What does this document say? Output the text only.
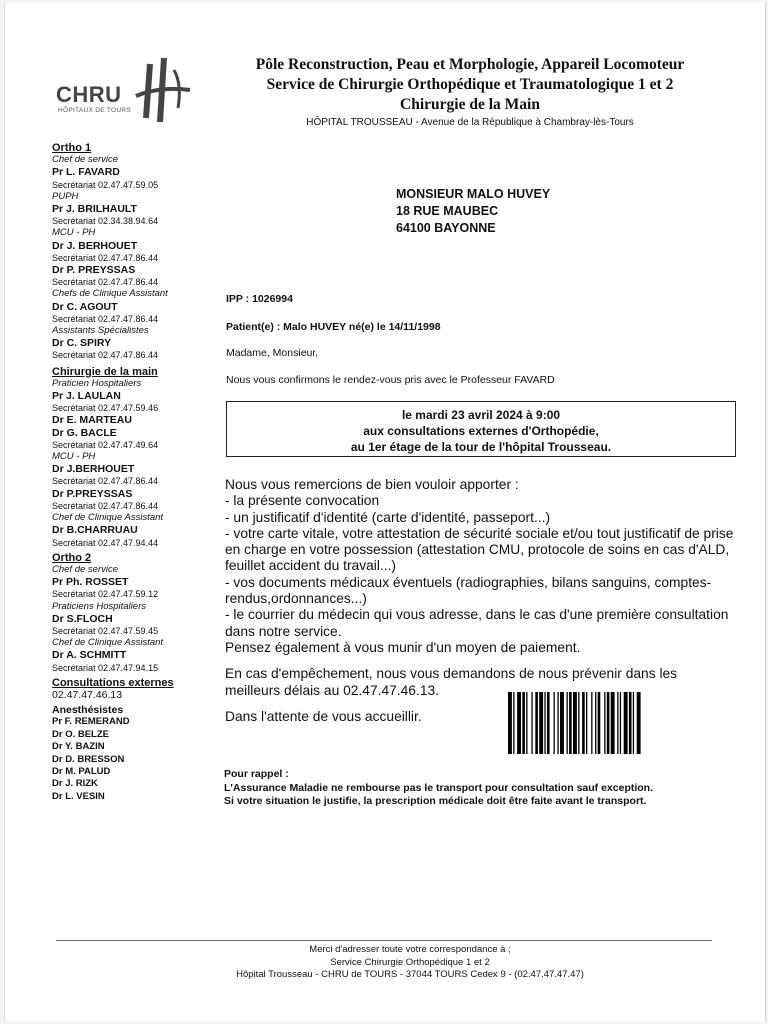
CHRU
HÔPITAUX DE TOURS
Pôle Reconstruction, Peau et Morphologie, Appareil Locomoteur
Service de Chirurgie Orthopédique et Traumatologique 1 et 2
Chirurgie de la Main
HÔPITAL TROUSSEAU - Avenue de la République à Chambray-lès-Tours
Ortho 1
Chef de service
Pr L. FAVARD
Secrétariat 02.47.47.59.05
PUPH
Pr J. BRILHAULT
Secrétariat 02.34.38.94.64
MCU - PH
Dr J. BERHOUET
Secrétariat 02.47.47.86.44
Dr P. PREYSSAS
Secrétariat 02.47.47.86.44
Chefs de Clinique Assistant
Dr C. AGOUT
Secrétariat 02.47.47.86.44
Assistants Spécialistes
Dr C. SPIRY
Secrétariat 02.47.47.86.44
Chirurgie de la main
Praticien Hospitaliers
Pr J. LAULAN
Secrétariat 02.47.47.59.46
Dr E. MARTEAU
Dr G. BACLE
Secrétariat 02.47.47.49.64
MCU - PH
Dr J.BERHOUET
Secrétariat 02.47.47.86.44
Dr P.PREYSSAS
Secrétariat 02.47.47.86.44
Chef de Clinique Assistant
Dr B.CHARRUAU
Secrétariat 02.47.47.94.44
Ortho 2
Chef de service
Pr Ph. ROSSET
Secrétariat 02.47.47.59.12
Praticiens Hospitaliers
Dr S.FLOCH
Secrétariat 02.47.47.59.45
Chef de Clinique Assistant
Dr A. SCHMITT
Secrétariat 02.47.47.94.15
Consultations externes
02.47.47.46.13
Anesthésistes
Pr F. REMERAND
Dr O. BELZE
Dr Y. BAZIN
Dr D. BRESSON
Dr M. PALUD
Dr J. RIZK
Dr L. VESIN
MONSIEUR MALO HUVEY
18 RUE MAUBEC
64100 BAYONNE
IPP : 1026994
Patient(e) : Malo HUVEY né(e) le 14/11/1998
Madame, Monsieur,
Nous vous confirmons le rendez-vous pris avec le Professeur FAVARD
le mardi 23 avril 2024 à 9:00
aux consultations externes d'Orthopédie,
au 1er étage de la tour de l'hôpital Trousseau.
Nous vous remercions de bien vouloir apporter :
- la présente convocation
- un justificatif d'identité (carte d'identité, passeport...)
- votre carte vitale, votre attestation de sécurité sociale et/ou tout justificatif de prise en charge en votre possession (attestation CMU, protocole de soins en cas d'ALD, feuillet accident du travail...)
- vos documents médicaux éventuels (radiographies, bilans sanguins, comptes-rendus,ordonnances...)
- le courrier du médecin qui vous adresse, dans le cas d'une première consultation dans notre service.
Pensez également à vous munir d'un moyen de paiement.
En cas d'empêchement, nous vous demandons de nous prévenir dans les meilleurs délais au 02.47.47.46.13.
Dans l'attente de vous accueillir.
Pour rappel :
L'Assurance Maladie ne rembourse pas le transport pour consultation sauf exception.
Si votre situation le justifie, la prescription médicale doit être faite avant le transport.
Merci d'adresser toute votre correspondance à ;
Service Chirurgie Orthopédique 1 et 2
Hôpital Trousseau - CHRU de TOURS - 37044 TOURS Cedex 9 - (02.47.47.47.47)
